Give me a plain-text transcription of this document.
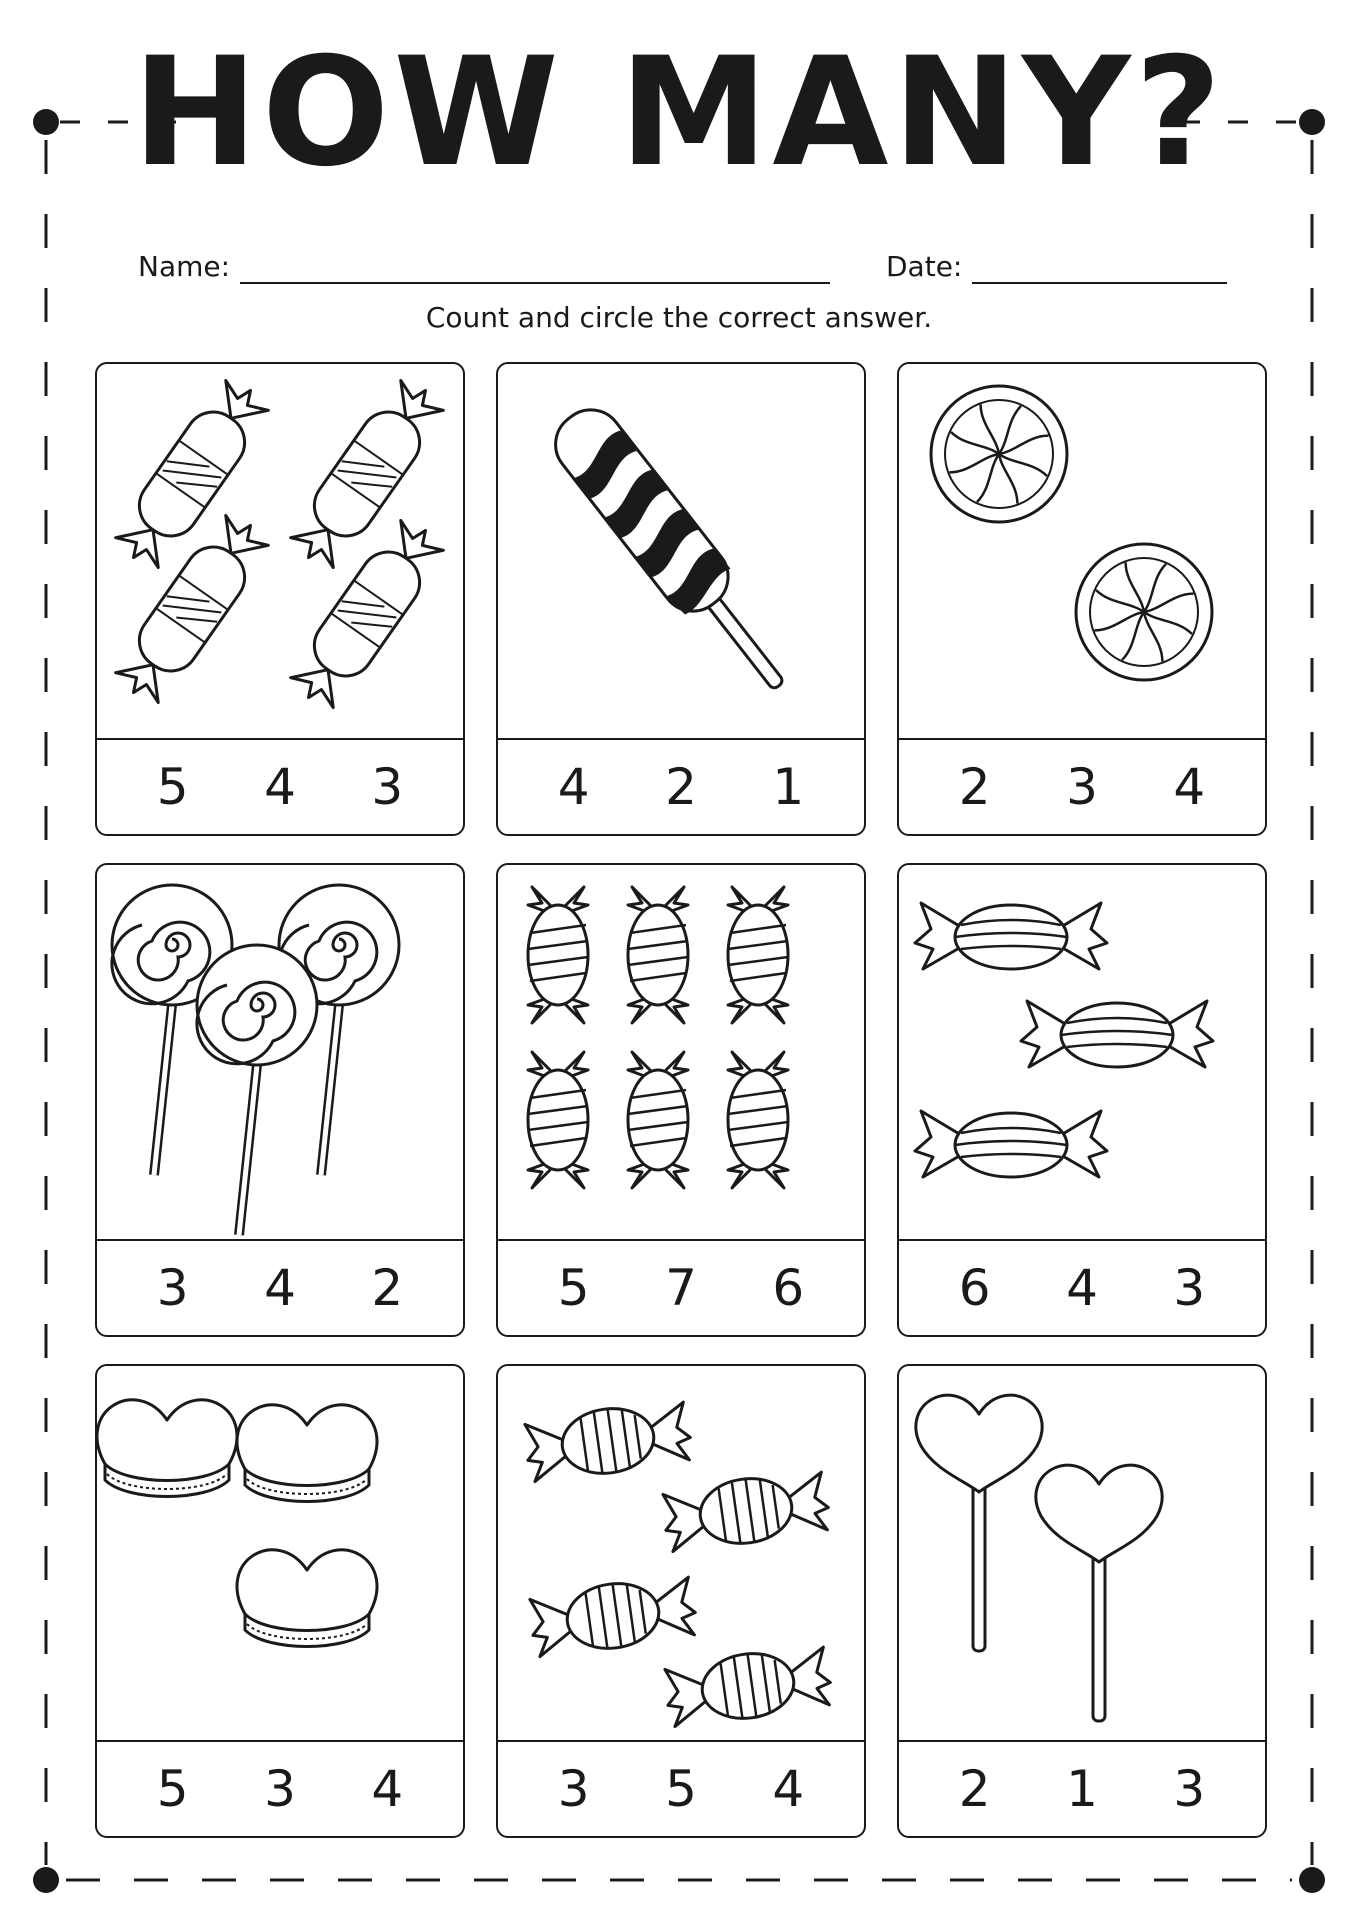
HOW MANY?
Name:	Date:
Count and circle the correct answer.
5	4	3	4	2	1	2	3	4
3	4	2	5	7	6	6	4	3
5	3	4	3	5	4	2	1	3
